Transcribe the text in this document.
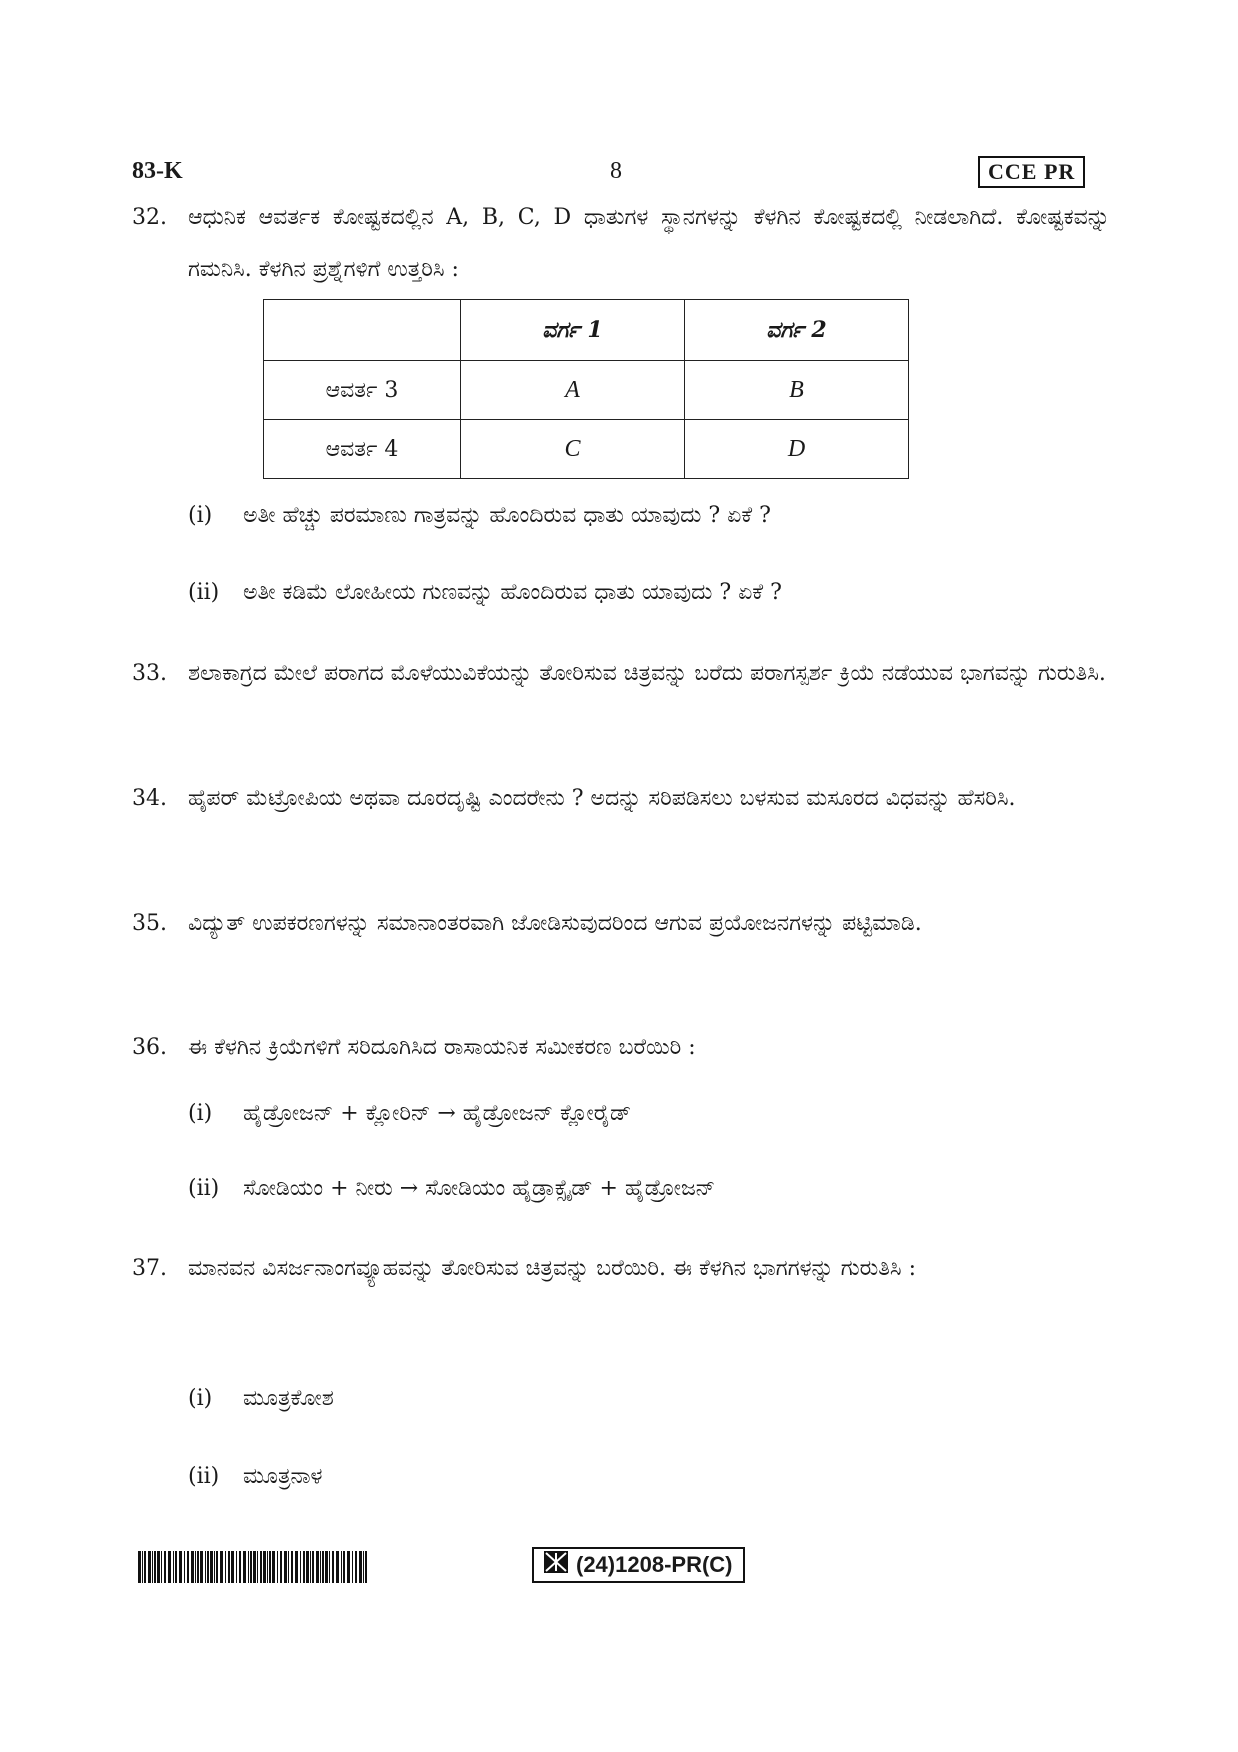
83-K	8	CCE PR
32. ಆಧುನಿಕ ಆವರ್ತಕ ಕೋಷ್ಟಕದಲ್ಲಿನ A, B, C, D ಧಾತುಗಳ ಸ್ಥಾನಗಳನ್ನು ಕೆಳಗಿನ ಕೋಷ್ಟಕದಲ್ಲಿ ನೀಡಲಾಗಿದೆ. ಕೋಷ್ಟಕವನ್ನು ಗಮನಿಸಿ. ಕೆಳಗಿನ ಪ್ರಶ್ನೆಗಳಿಗೆ ಉತ್ತರಿಸಿ :
	ವರ್ಗ 1	ವರ್ಗ 2
ಆವರ್ತ 3	A	B
ಆವರ್ತ 4	C	D
(i) ಅತೀ ಹೆಚ್ಚು ಪರಮಾಣು ಗಾತ್ರವನ್ನು ಹೊಂದಿರುವ ಧಾತು ಯಾವುದು ? ಏಕೆ ?
(ii) ಅತೀ ಕಡಿಮೆ ಲೋಹೀಯ ಗುಣವನ್ನು ಹೊಂದಿರುವ ಧಾತು ಯಾವುದು ? ಏಕೆ ?
33. ಶಲಾಕಾಗ್ರದ ಮೇಲೆ ಪರಾಗದ ಮೊಳೆಯುವಿಕೆಯನ್ನು ತೋರಿಸುವ ಚಿತ್ರವನ್ನು ಬರೆದು ಪರಾಗಸ್ಪರ್ಶ ಕ್ರಿಯೆ ನಡೆಯುವ ಭಾಗವನ್ನು ಗುರುತಿಸಿ.
34. ಹೈಪರ್ ಮೆಟ್ರೋಪಿಯ ಅಥವಾ ದೂರದೃಷ್ಟಿ ಎಂದರೇನು ? ಅದನ್ನು ಸರಿಪಡಿಸಲು ಬಳಸುವ ಮಸೂರದ ವಿಧವನ್ನು ಹೆಸರಿಸಿ.
35. ವಿದ್ಯುತ್ ಉಪಕರಣಗಳನ್ನು ಸಮಾನಾಂತರವಾಗಿ ಜೋಡಿಸುವುದರಿಂದ ಆಗುವ ಪ್ರಯೋಜನಗಳನ್ನು ಪಟ್ಟಿಮಾಡಿ.
36. ಈ ಕೆಳಗಿನ ಕ್ರಿಯೆಗಳಿಗೆ ಸರಿದೂಗಿಸಿದ ರಾಸಾಯನಿಕ ಸಮೀಕರಣ ಬರೆಯಿರಿ :
(i) ಹೈಡ್ರೋಜನ್ + ಕ್ಲೋರಿನ್ → ಹೈಡ್ರೋಜನ್ ಕ್ಲೋರೈಡ್
(ii) ಸೋಡಿಯಂ + ನೀರು → ಸೋಡಿಯಂ ಹೈಡ್ರಾಕ್ಸೈಡ್ + ಹೈಡ್ರೋಜನ್
37. ಮಾನವನ ವಿಸರ್ಜನಾಂಗವ್ಯೂಹವನ್ನು ತೋರಿಸುವ ಚಿತ್ರವನ್ನು ಬರೆಯಿರಿ. ಈ ಕೆಳಗಿನ ಭಾಗಗಳನ್ನು ಗುರುತಿಸಿ :
(i) ಮೂತ್ರಕೋಶ
(ii) ಮೂತ್ರನಾಳ
(24)1208-PR(C)
